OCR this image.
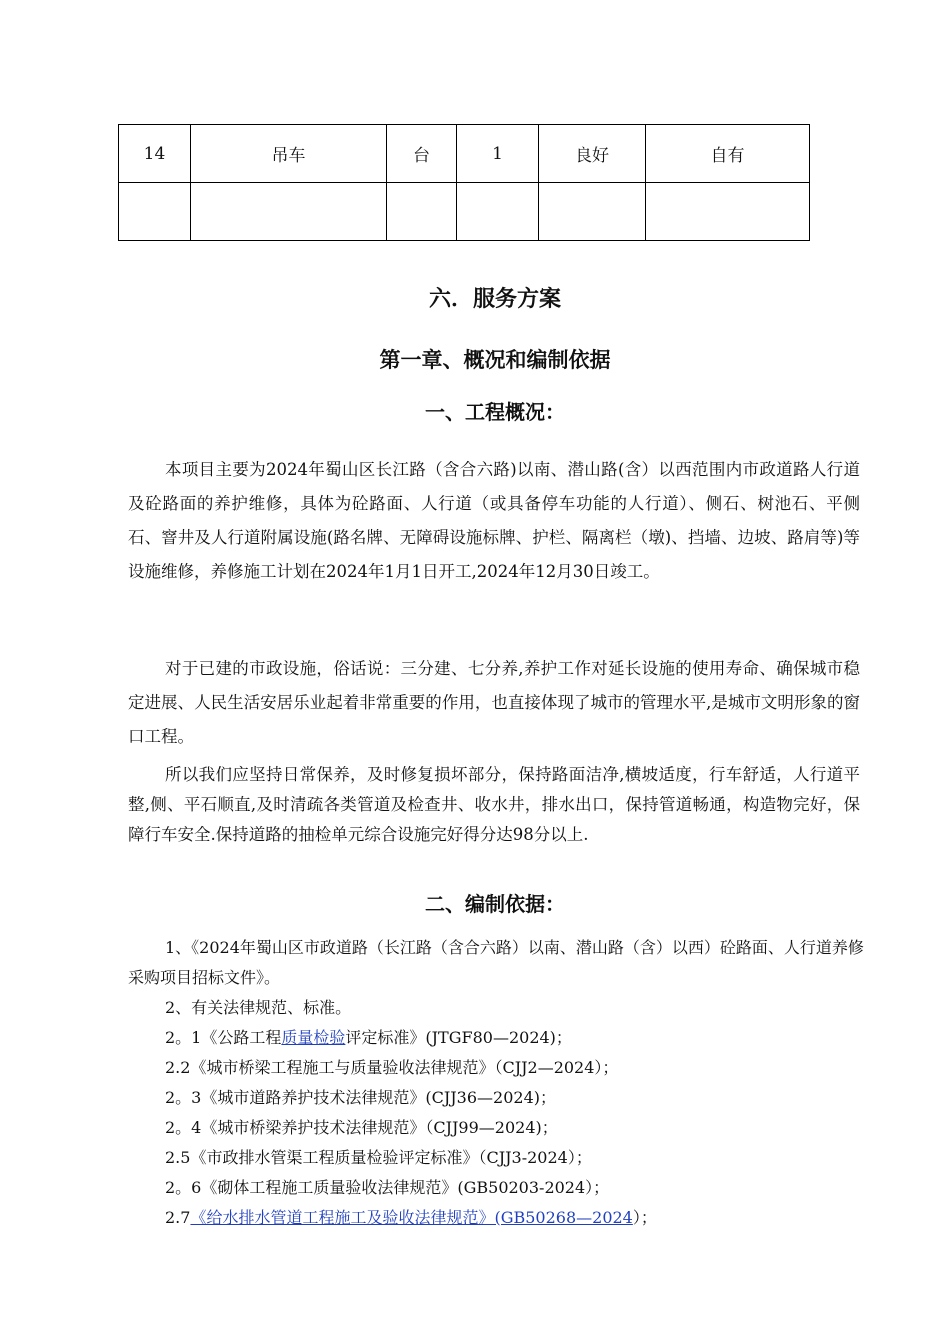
14	吊车	台	1	良好	自有

六．服务方案
第一章、概况和编制依据
一、工程概况：

本项目主要为2024年蜀山区长江路（含合六路)以南、潜山路(含）以西范围内市政道路人行道及砼路面的养护维修，具体为砼路面、人行道（或具备停车功能的人行道）、侧石、树池石、平侧石、窨井及人行道附属设施(路名牌、无障碍设施标牌、护栏、隔离栏（墩)、挡墙、边坡、路肩等)等设施维修，养修施工计划在2024年1月1日开工,2024年12月30日竣工。

对于已建的市政设施，俗话说：三分建、七分养,养护工作对延长设施的使用寿命、确保城市稳定进展、人民生活安居乐业起着非常重要的作用，也直接体现了城市的管理水平,是城市文明形象的窗口工程。

所以我们应坚持日常保养，及时修复损坏部分，保持路面洁净,横坡适度，行车舒适，人行道平整,侧、平石顺直,及时清疏各类管道及检查井、收水井，排水出口，保持管道畅通，构造物完好，保障行车安全.保持道路的抽检单元综合设施完好得分达98分以上.

二、编制依据：
1、《2024年蜀山区市政道路（长江路（含合六路）以南、潜山路（含）以西）砼路面、人行道养修采购项目招标文件》。
2、有关法律规范、标准。
2。1《公路工程质量检验评定标准》(JTGF80—2024)；
2.2《城市桥梁工程施工与质量验收法律规范》（CJJ2—2024）；
2。3《城市道路养护技术法律规范》(CJJ36—2024)；
2。4《城市桥梁养护技术法律规范》（CJJ99—2024)；
2.5《市政排水管渠工程质量检验评定标准》（CJJ3-2024）；
2。6《砌体工程施工质量验收法律规范》(GB50203-2024）；
2.7《给水排水管道工程施工及验收法律规范》(GB50268—2024）；
